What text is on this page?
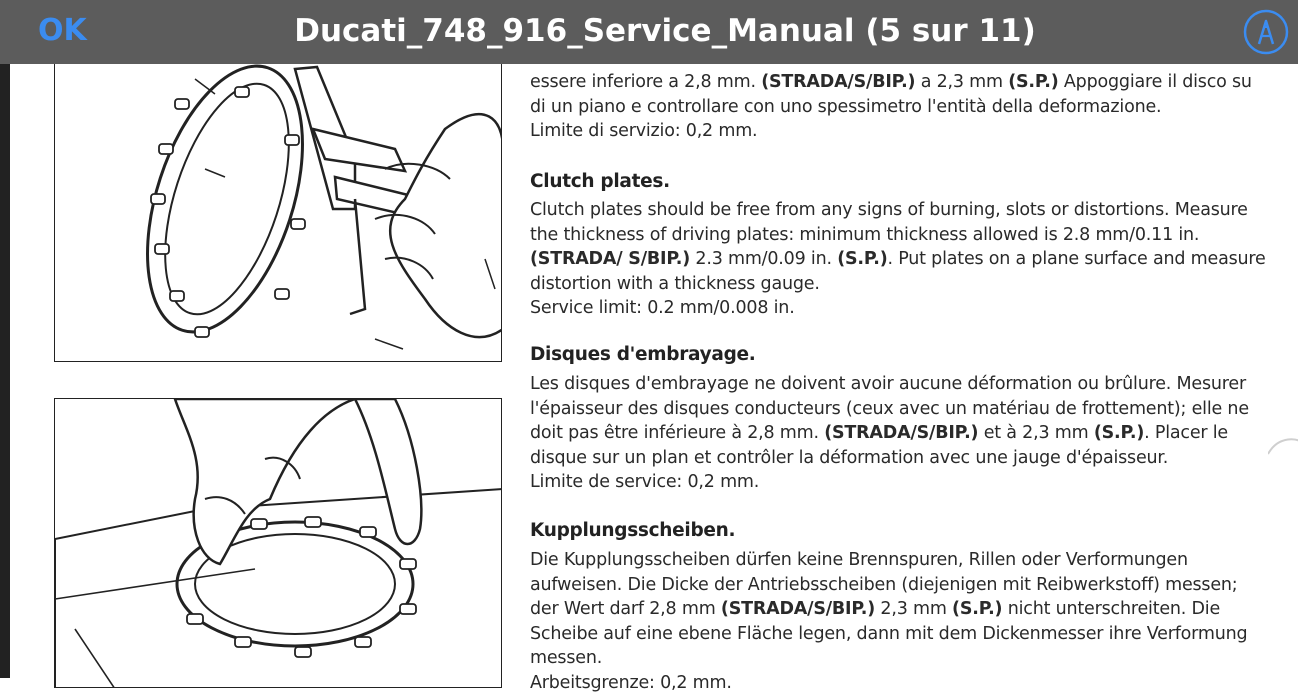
OK	Ducati_748_916_Service_Manual (5 sur 11)
essere inferiore a 2,8 mm. (STRADA/S/BIP.) a 2,3 mm (S.P.) Appoggiare il disco su
di un piano e controllare con uno spessimetro l'entità della deformazione.
Limite di servizio: 0,2 mm.
Clutch plates.
Clutch plates should be free from any signs of burning, slots or distortions. Measure the thickness of driving plates: minimum thickness allowed is 2.8 mm/0.11 in. (STRADA/ S/BIP.) 2.3 mm/0.09 in. (S.P.). Put plates on a plane surface and measure distortion with a thickness gauge.
Service limit: 0.2 mm/0.008 in.
Disques d'embrayage.
Les disques d'embrayage ne doivent avoir aucune déformation ou brûlure. Mesurer l'épaisseur des disques conducteurs (ceux avec un matériau de frottement); elle ne doit pas être inférieure à 2,8 mm. (STRADA/S/BIP.) et à 2,3 mm (S.P.). Placer le disque sur un plan et contrôler la déformation avec une jauge d'épaisseur.
Limite de service: 0,2 mm.
Kupplungsscheiben.
Die Kupplungsscheiben dürfen keine Brennspuren, Rillen oder Verformungen aufweisen. Die Dicke der Antriebsscheiben (diejenigen mit Reibwerkstoff) messen; der Wert darf 2,8 mm (STRADA/S/BIP.) 2,3 mm (S.P.) nicht unterschreiten. Die Scheibe auf eine ebene Fläche legen, dann mit dem Dickenmesser ihre Verformung messen.
Arbeitsgrenze: 0,2 mm.
